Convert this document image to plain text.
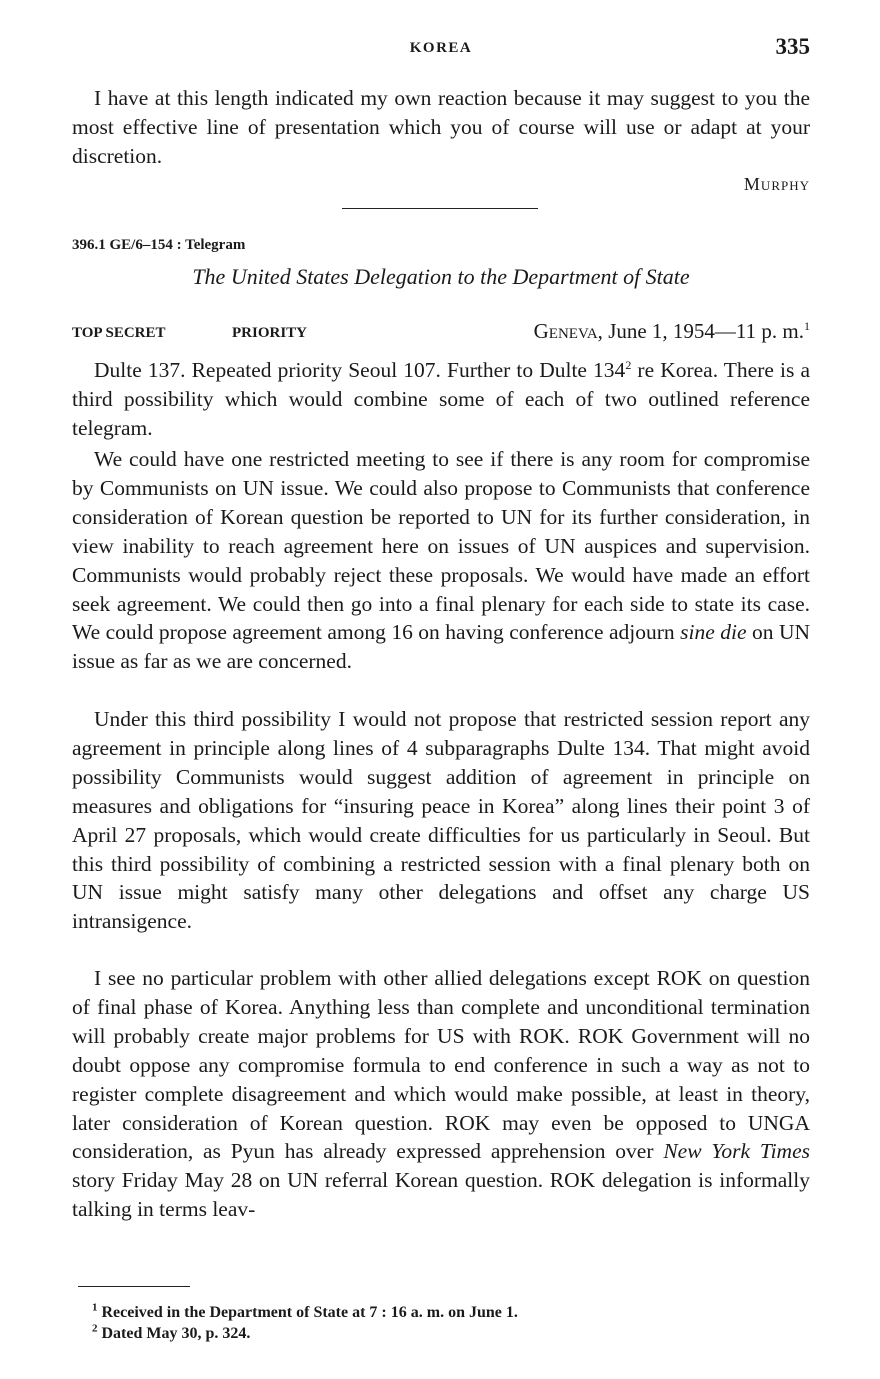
KOREA	335

I have at this length indicated my own reaction because it may suggest to you the most effective line of presentation which you of course will use or adapt at your discretion.

Murphy
396.1 GE/6–154 : Telegram
The United States Delegation to the Department of State
TOP SECRET	PRIORITY	Geneva, June 1, 1954—11 p. m.$^1$

Dulte 137. Repeated priority Seoul 107. Further to Dulte $134^2$ re Korea. There is a third possibility which would combine some of each of two outlined reference telegram.

We could have one restricted meeting to see if there is any room for compromise by Communists on UN issue. We could also propose to Communists that conference consideration of Korean question be reported to UN for its further consideration, in view inability to reach agreement here on issues of UN auspices and supervision. Communists would probably reject these proposals. We would have made an effort seek agreement. We could then go into a final plenary for each side to state its case. We could propose agreement among 16 on having conference adjourn sine die on UN issue as far as we are concerned.

Under this third possibility I would not propose that restricted session report any agreement in principle along lines of 4 subparagraphs Dulte 134. That might avoid possibility Communists would suggest addition of agreement in principle on measures and obligations for “insuring peace in Korea” along lines their point 3 of April 27 proposals, which would create difficulties for us particularly in Seoul. But this third possibility of combining a restricted session with a final plenary both on UN issue might satisfy many other delegations and offset any charge US intransigence.

I see no particular problem with other allied delegations except ROK on question of final phase of Korea. Anything less than complete and unconditional termination will probably create major problems for US with ROK. ROK Government will no doubt oppose any compromise formula to end conference in such a way as not to register complete disagreement and which would make possible, at least in theory, later consideration of Korean question. ROK may even be opposed to UNGA consideration, as Pyun has already expressed apprehension over New York Times story Friday May 28 on UN referral Korean question. ROK delegation is informally talking in terms leav-

$^1$ Received in the Department of State at 7 : 16 a. m. on June 1.

$^2$ Dated May 30, p. 324.
